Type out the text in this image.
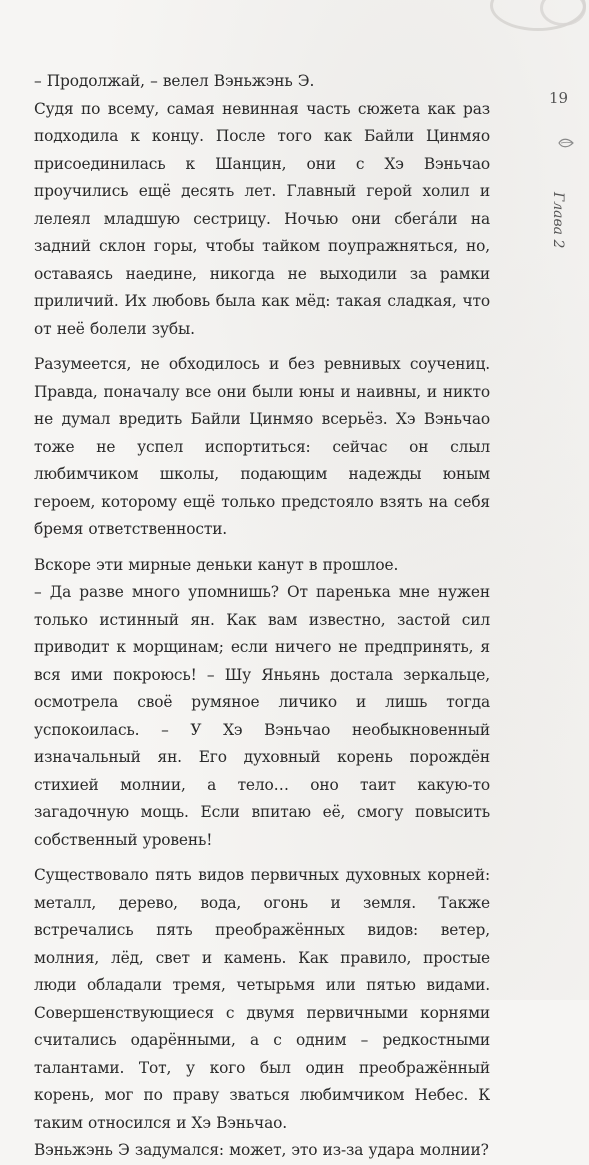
– Продолжай, – велел Вэньжэнь Э.

Судя по всему, самая невинная часть сюжета как раз подходила к концу. После того как Байли Цинмяо присоединилась к Шанцин, они с Хэ Вэньчао проучились ещё десять лет. Главный герой холил и лелеял младшую сестрицу. Ночью они сбега́ли на задний склон горы, чтобы тайком поупражняться, но, оставаясь наедине, никогда не выходили за рамки приличий. Их любовь была как мёд: такая сладкая, что от неё болели зубы.

Разумеется, не обходилось и без ревнивых соучениц. Правда, поначалу все они были юны и наивны, и никто не думал вредить Байли Цинмяо всерьёз. Хэ Вэньчао тоже не успел испортиться: сейчас он слыл любимчиком школы, подающим надежды юным героем, которому ещё только предстояло взять на себя бремя ответственности.

Вскоре эти мирные деньки канут в прошлое.

– Да разве много упомнишь? От паренька мне нужен только истинный ян. Как вам известно, застой сил приводит к морщинам; если ничего не предпринять, я вся ими покроюсь! – Шу Яньянь достала зеркальце, осмотрела своё румяное личико и лишь тогда успокоилась. – У Хэ Вэньчао необыкновенный изначальный ян. Его духовный корень порождён стихией молнии, а тело… оно таит какую-то загадочную мощь. Если впитаю её, смогу повысить собственный уровень!

Существовало пять видов первичных духовных корней: металл, дерево, вода, огонь и земля. Также встречались пять преображённых видов: ветер, молния, лёд, свет и камень. Как правило, простые люди обладали тремя, четырьмя или пятью видами. Совершенствующиеся с двумя первичными корнями считались одарёнными, а с одним – редкостными талантами. Тот, у кого был один преображённый корень, мог по праву зваться любимчиком Небес. К таким относился и Хэ Вэньчао.

Вэньжэнь Э задумался: может, это из-за удара молнии?

19
Глава 2
